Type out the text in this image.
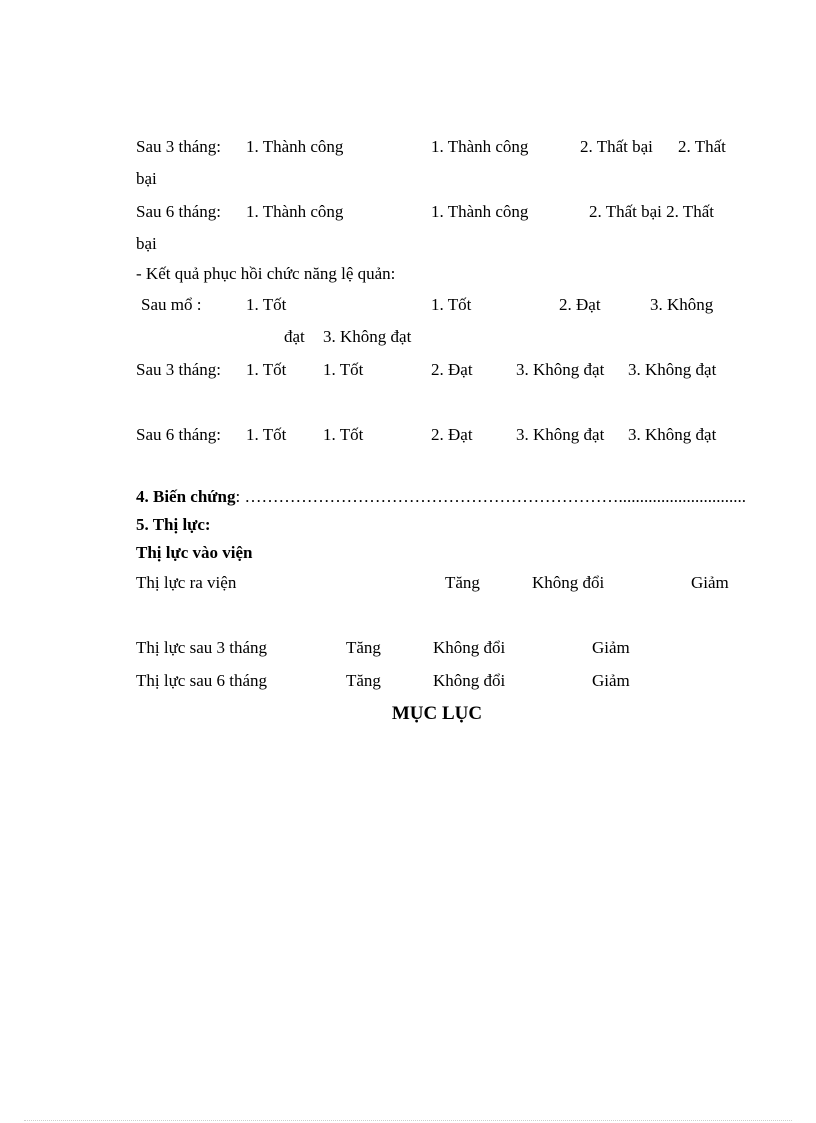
Sau 3 tháng: 1. Thành công	1. Thành công	2. Thất bại 2. Thất
bại
Sau 6 tháng: 1. Thành công	1. Thành công	2. Thất bại 2. Thất
bại
- Kết quả phục hồi chức năng lệ quản:
Sau mổ :	1. Tốt	1. Tốt	2. Đạt	3. Không
đạt 3. Không đạt
Sau 3 tháng: 1. Tốt 1. Tốt	2. Đạt	3. Không đạt 3. Không đạt
Sau 6 tháng: 1. Tốt 1. Tốt	2. Đạt	3. Không đạt 3. Không đạt
4. Biến chứng: …………………………………………………………..............................
5. Thị lực:
Thị lực vào viện
Thị lực ra viện	Tăng	Không đổi	Giảm
Thị lực sau 3 tháng	Tăng	Không đổi	Giảm
Thị lực sau 6 tháng	Tăng	Không đổi	Giảm
MỤC LỤC
